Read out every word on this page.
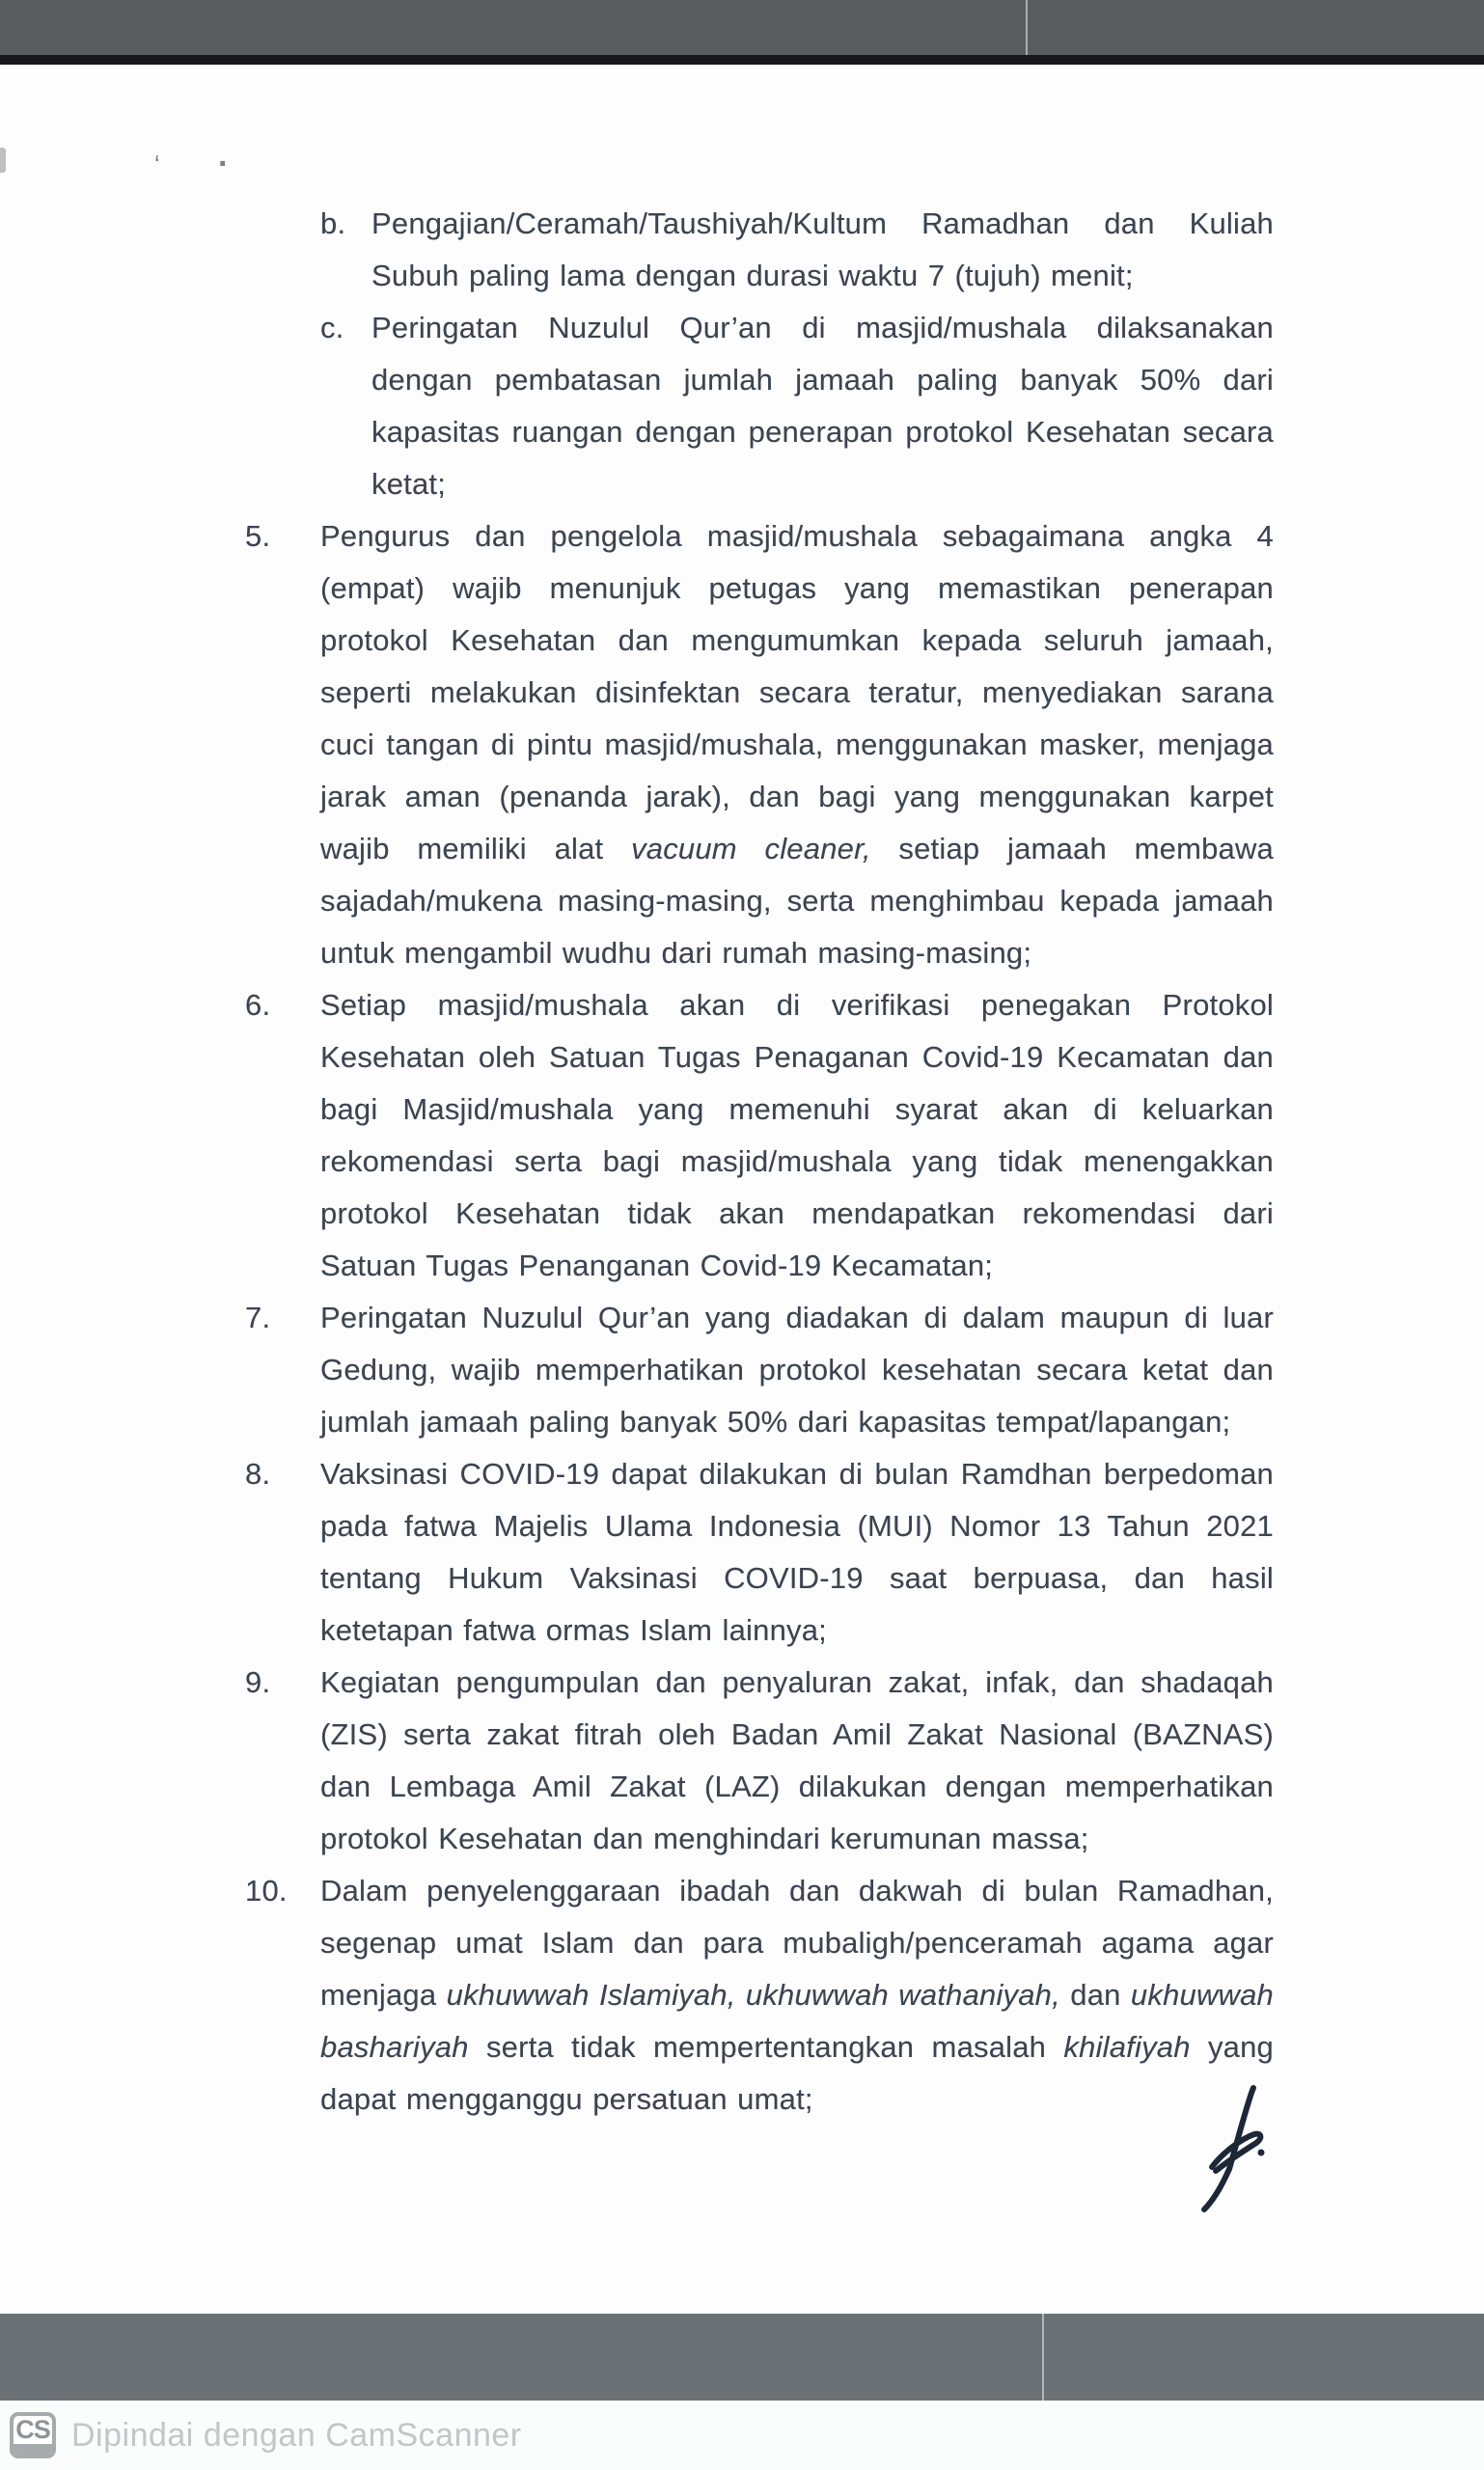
‘ ·
b. Pengajian/Ceramah/Taushiyah/Kultum Ramadhan dan Kuliah Subuh paling lama dengan durasi waktu 7 (tujuh) menit;
c. Peringatan Nuzulul Qur’an di masjid/mushala dilaksanakan dengan pembatasan jumlah jamaah paling banyak 50% dari kapasitas ruangan dengan penerapan protokol Kesehatan secara ketat;
5.	Pengurus dan pengelola masjid/mushala sebagaimana angka 4 (empat) wajib menunjuk petugas yang memastikan penerapan protokol Kesehatan dan mengumumkan kepada seluruh jamaah, seperti melakukan disinfektan secara teratur, menyediakan sarana cuci tangan di pintu masjid/mushala, menggunakan masker, menjaga jarak aman (penanda jarak), dan bagi yang menggunakan karpet wajib memiliki alat vacuum cleaner, setiap jamaah membawa sajadah/mukena masing-masing, serta menghimbau kepada jamaah untuk mengambil wudhu dari rumah masing-masing;
6.	Setiap masjid/mushala akan di verifikasi penegakan Protokol Kesehatan oleh Satuan Tugas Penaganan Covid-19 Kecamatan dan bagi Masjid/mushala yang memenuhi syarat akan di keluarkan rekomendasi serta bagi masjid/mushala yang tidak menengakkan protokol Kesehatan tidak akan mendapatkan rekomendasi dari Satuan Tugas Penanganan Covid-19 Kecamatan;
7.	Peringatan Nuzulul Qur’an yang diadakan di dalam maupun di luar Gedung, wajib memperhatikan protokol kesehatan secara ketat dan jumlah jamaah paling banyak 50% dari kapasitas tempat/lapangan;
8.	Vaksinasi COVID-19 dapat dilakukan di bulan Ramdhan berpedoman pada fatwa Majelis Ulama Indonesia (MUI) Nomor 13 Tahun 2021 tentang Hukum Vaksinasi COVID-19 saat berpuasa, dan hasil ketetapan fatwa ormas Islam lainnya;
9.	Kegiatan pengumpulan dan penyaluran zakat, infak, dan shadaqah (ZIS) serta zakat fitrah oleh Badan Amil Zakat Nasional (BAZNAS) dan Lembaga Amil Zakat (LAZ) dilakukan dengan memperhatikan protokol Kesehatan dan menghindari kerumunan massa;
10.	Dalam penyelenggaraan ibadah dan dakwah di bulan Ramadhan, segenap umat Islam dan para mubaligh/penceramah agama agar menjaga ukhuwwah Islamiyah, ukhuwwah wathaniyah, dan ukhuwwah bashariyah serta tidak mempertentangkan masalah khilafiyah yang dapat mengganggu persatuan umat;
CS Dipindai dengan CamScanner
